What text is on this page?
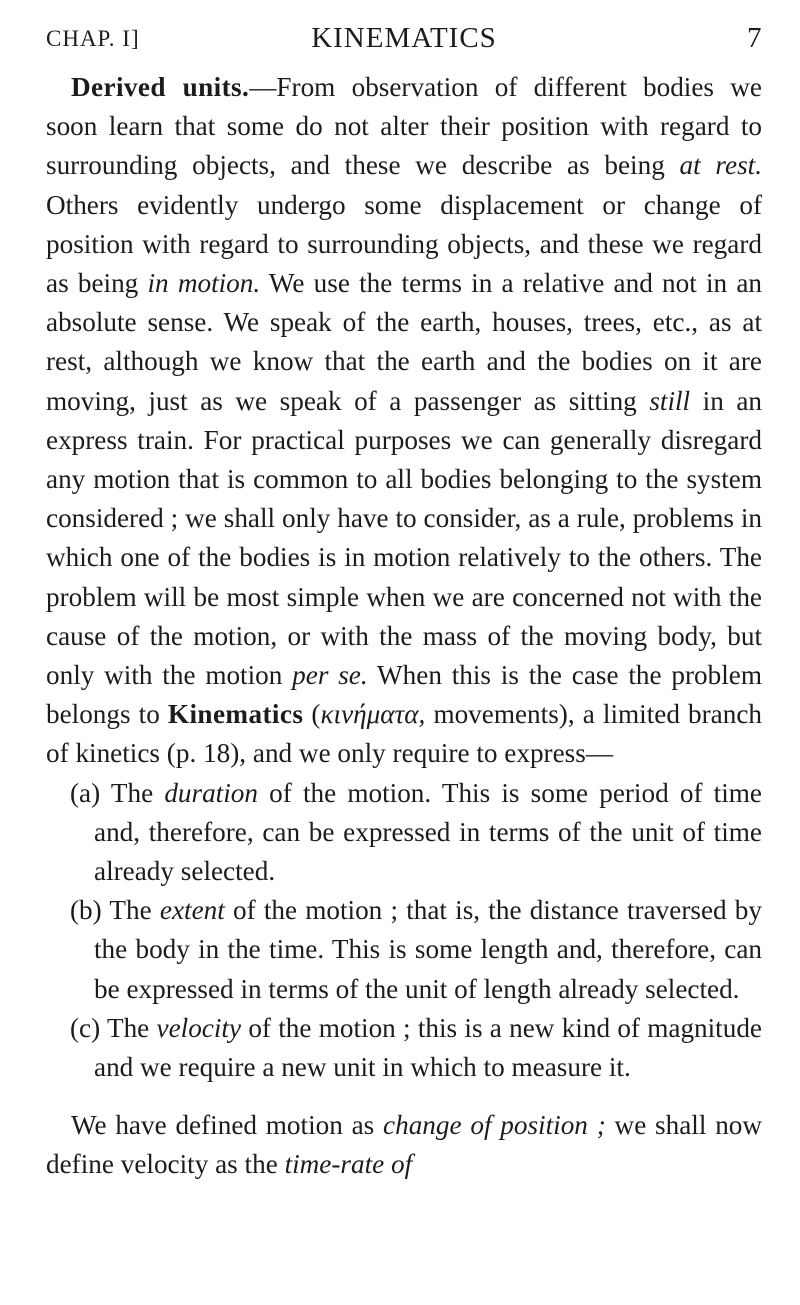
CHAP. I]	KINEMATICS	7

Derived units.—From observation of different bodies we soon learn that some do not alter their position with regard to surrounding objects, and these we describe as being at rest. Others evidently undergo some displacement or change of position with regard to surrounding objects, and these we regard as being in motion. We use the terms in a relative and not in an absolute sense. We speak of the earth, houses, trees, etc., as at rest, although we know that the earth and the bodies on it are moving, just as we speak of a passenger as sitting still in an express train. For practical purposes we can generally disregard any motion that is common to all bodies belonging to the system considered ; we shall only have to consider, as a rule, problems in which one of the bodies is in motion relatively to the others. The problem will be most simple when we are concerned not with the cause of the motion, or with the mass of the moving body, but only with the motion per se. When this is the case the problem belongs to Kinematics (κινήματα, movements), a limited branch of kinetics (p. 18), and we only require to express—

(a) The duration of the motion. This is some period of time and, therefore, can be expressed in terms of the unit of time already selected.

(b) The extent of the motion ; that is, the distance traversed by the body in the time. This is some length and, therefore, can be expressed in terms of the unit of length already selected.

(c) The velocity of the motion ; this is a new kind of magnitude and we require a new unit in which to measure it.

We have defined motion as change of position ; we shall now define velocity as the time-rate of
